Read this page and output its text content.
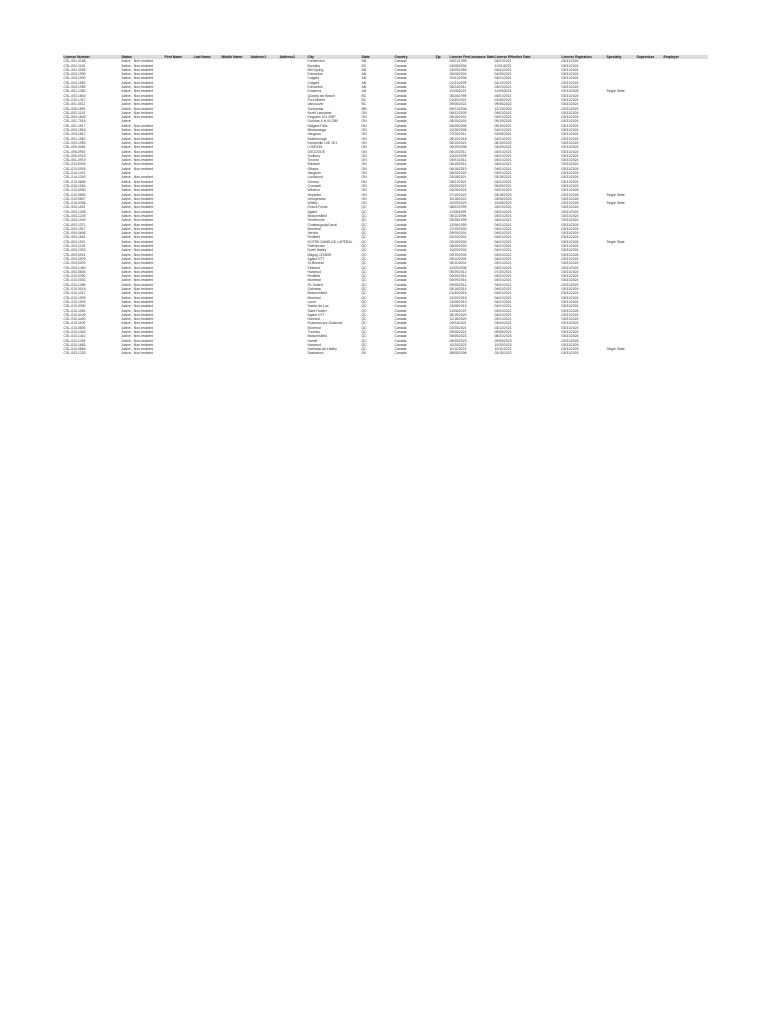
License Number	Status	First Name	Last Name	Middle Name	Address1	Address2	City	State	Country	Zip	License First Issuance Date	License Effective Date	License Expiration	Specialty	Supervisor	Employer
CSL-001-0186	Active - Non-resident						Fredericton	NB	Canada		04/01/1999	04/01/2021	03/31/2024			
CSL-002-1116	Active - Non-resident						Burnaby	BC	Canada		04/08/2004	11/01/2022	03/31/2024			
CSL-002-0095	Active - Non-resident						Mill Spring	AB	Canada		04/09/1999	04/01/2021	03/31/2024			
CSL-003-1999	Active - Non-resident						Edmonton	AB	Canada		06/08/2004	04/09/2021	03/31/2024			
CSL-003-1930	Active - Non-resident						Calgary	AB	Canada		10/01/2006	04/01/2021	03/31/2024			
CSL-003-1962	Active - Non-resident						Calgary	AB	Canada		01/31/2009	04/14/2021	03/31/2024			
CSL-003-1969	Active - Non-resident						Edmonton	AB	Canada		06/24/2011	04/01/2021	03/31/2024			
CSL-001-1352	Active - Non-resident						Emsterra	AB	Canada		11/09/2023	11/09/2023	03/31/2026	Single State		
CSL-003-1840	Active - Non-resident						Quadra Ice Beach	BC	Canada		05/26/1999	04/01/2021	03/31/2024			
CSL-010-1317	Active - Non-resident						Port Alberni	BC	Canada		01/30/2021	01/30/2021	03/31/2024			
CSL-001-0011	Active - Non-resident						Vancouver	BC	Canada		09/08/2022	09/06/2022	03/31/2024			
CSL-006-1891	Active - Non-resident						Sunnyside	MB	Canada		05/21/2006	12/13/2020	03/31/2024			
CSL-002-1110	Active - Non-resident						North Lancaster	ON	Canada		06/02/2000	04/01/2021	03/31/2024			
CSL-004-1849	Active - Non-resident						Kingston 101 SMP	ON	Canada		05/16/2001	04/01/2021	03/31/2024			
CSL-001-7916	Active						Ourinha & N 0LZ/B0	ON	Canada		05/15/2003	05/15/2020	03/31/2024			
CSL-001-1617	Active - Non-resident						Niagara Falls	ON	Canada		05/28/2006	05/15/2021	03/31/2024			
CSL-003-1816	Active - Non-resident						Mississauga	ON	Canada		10/26/2006	04/01/2021	03/31/2024			
CSL-004-1812	Active - Non-resident						Vaughan	ON	Canada		07/25/2011	02/08/2021	03/31/2024			
CSL-001-1962	Active - Non-resident						Scarborough	ON	Canada		05/10/2018	04/01/2021	03/31/2024			
CSL-003-1953	Active - Non-resident						Kemptville L0E 1E1	ON	Canada		06/10/2021	06/10/2022	03/31/2024			
CSL-009-0081	Active - Non-resident						LONDON	ON	Canada		09/29/2008	04/09/2021	03/31/2024			
CSL-006-0901	Active - Non-resident						OSGOODE	ON	Canada		06/10/2011	04/01/2021	03/31/2024			
CSL-005-0023	Active - Non-resident						Sudbury	ON	Canada		10/20/2009	04/01/2021	03/31/2024			
CSL-001-0919	Active - Non-resident						Toronto	ON	Canada		06/01/2014	04/01/2021	03/31/2024			
CSL-013-9006	Active - Non-resident						Windsor	ON	Canada		06/15/2014	04/01/2021	03/31/2024			
CSL-013-0926	Active - Non-resident						Ottawa	ON	Canada		06/16/2019	04/01/2021	03/31/2024			
CSL-014-1421	Active						Vaughan	ON	Canada		08/20/2020	04/01/2021	03/31/2024			
CSL-014-1263	Active - Non-resident						Lockwood	ON	Canada		03/18/2021	03/18/2021	03/31/2024			
CSL-013-0806	Active - Non-resident						Toronto	ON	Canada		05/21/2021	04/01/2021	03/31/2024			
CSL-016-1064	Active - Non-resident						Cornwall	ON	Canada		09/09/2021	09/09/2021	03/31/2024			
CSL-013-0960	Active - Non-resident						Windsor	ON	Canada		04/28/2023	04/01/2023	03/31/2026			
CSL-010-9896	Active - Non-resident						Nepanee	ON	Canada		07/10/2022	04/18/2023	03/31/2026	Single State		
CSL-010-9807	Active - Non-resident						Georgetown	ON	Canada		10/18/2022	04/06/2023	03/31/2026			
CSL-016-0336	Active - Non-resident						Whitby	ON	Canada		10/05/2023	10/05/2023	03/31/2026	Single State		
CSL-003-1153	Active - Non-resident						Grand-Fonds	QC	Canada		08/02/1999	04/01/2021	03/31/2024			
CSL-003-1305	Active - Non-resident						Agami	QC	Canada		11/08/1999	04/01/2021	03/31/2024			
CSL-003-1239	Active - Non-resident						Beaconsfield	QC	Canada		08/11/1998	04/01/2021	03/31/2024			
CSL-003-1049	Active - Non-resident						Terrebonne	QC	Canada		09/28/1999	04/01/2021	03/31/2024			
CSL-003-1371	Active - Non-resident						Chateauguay/Laval	QC	Canada		12/06/1999	04/01/2021	03/31/2024			
CSL-003-1917	Active - Non-resident						Montreal	QC	Canada		07/15/2000	04/01/2021	03/31/2024			
CSL-004-0646	Active - Non-resident						Verdun	QC	Canada		08/09/2001	04/01/2021	03/31/2024			
CSL-003-1661	Active - Non-resident						Redfield	QC	Canada		02/20/2002	04/01/2021	03/31/2024			
CSL-003-1921	Active - Non-resident						NOTRE-DAME-DE-LAPERAL	QC	Canada		03/16/2000	04/01/2021	03/31/2026	Single State		
CSL-002-1129	Active - Non-resident						Sherbrooke	QC	Canada		06/09/2003	04/01/2021	03/31/2024			
CSL-003-1303	Active - Non-resident						North Hatley	QC	Canada		10/09/2003	04/01/2021	03/31/2024			
CSL-003-0921	Active - Non-resident						Magog J1X5M5	QC	Canada		09/19/2004	04/01/2021	03/31/2024			
CSL-003-0929	Active - Non-resident						Agami H7T	QC	Canada		05/10/2004	04/01/2021	03/31/2024			
CSL-003-0009	Active - Non-resident						St-Bruneal	QC	Canada		05/11/2004	04/01/2021	03/31/2024			
CSL-003-1460	Active - Non-resident						Kirkland	QC	Canada		10/09/2006	04/01/2021	03/31/2024			
CSL-003-0606	Active - Non-resident						Harwood	QC	Canada		05/29/2012	07/20/2021	03/31/2024			
CSL-010-0290	Active - Non-resident						Redfield	QC	Canada		05/20/2014	04/01/2021	03/31/2024			
CSL-010-0031	Active - Non-resident						Montreal	QC	Canada		06/09/2014	04/01/2021	03/31/2024			
CSL-010-1080	Active - Non-resident						St. Hubert	QC	Canada		09/05/2014	04/01/2021	03/31/2024			
CSL-010-0018	Active - Non-resident						Gatineau	QC	Canada		05/16/2014	04/01/2021	03/31/2024			
CSL-010-1317	Active - Non-resident						Beaconsfield	QC	Canada		01/30/2018	04/01/2021	03/31/2024			
CSL-010-1909	Active - Non-resident						Montreal	QC	Canada		12/20/2018	04/01/2021	03/31/2024			
CSL-010-1949	Active - Non-resident						Laval	QC	Canada		01/08/2019	04/01/2021	03/31/2024			
CSL-010-0090	Active - Non-resident						Sainte-de-Lac	QC	Canada		03/08/2019	04/01/2021	03/31/2024			
CSL-010-1081	Active - Non-resident						Saint-Hubert	QC	Canada		11/06/2019	04/01/2021	03/31/2024			
CSL-010-4109	Active - Non-resident						Agami H7T	QC	Canada		08/15/2020	04/01/2021	03/31/2024			
CSL-010-4400	Active - Non-resident						Harrison	QC	Canada		12/18/2020	04/01/2021	03/31/2024			
CSL-010-1109	Active - Non-resident						Ruisseau-sur-Outaouis	QC	Canada		04/04/2021	04/04/2021	03/31/2024			
CSL-010-0800	Active - Non-resident						Montreal	QC	Canada		02/25/2021	03/12/2021	03/31/2024			
CSL-010-1342	Active - Non-resident						Thornby	QC	Canada		09/08/2021	09/08/2021	03/31/2024			
CSL-010-1410	Active - Non-resident						Beaconsfield	QC	Canada		08/05/2023	08/31/2023	03/31/2026			
CSL-010-1354	Active - Non-resident						Hamel	QC	Canada		08/09/2023	09/09/2023	03/31/2026			
CSL-010-1663	Active - Non-resident						Harwood	QC	Canada		10/20/2023	10/20/2023	03/31/2026			
CSL-010-0866	Active - Non-resident						Gatineau-de-Hatley	QC	Canada		10/11/2023	10/11/2023	03/31/2026	Single State		
CSL-003-1333	Active - Non-resident						Saskatoon	SK	Canada		08/08/2006	03/15/2022	03/31/2024			
